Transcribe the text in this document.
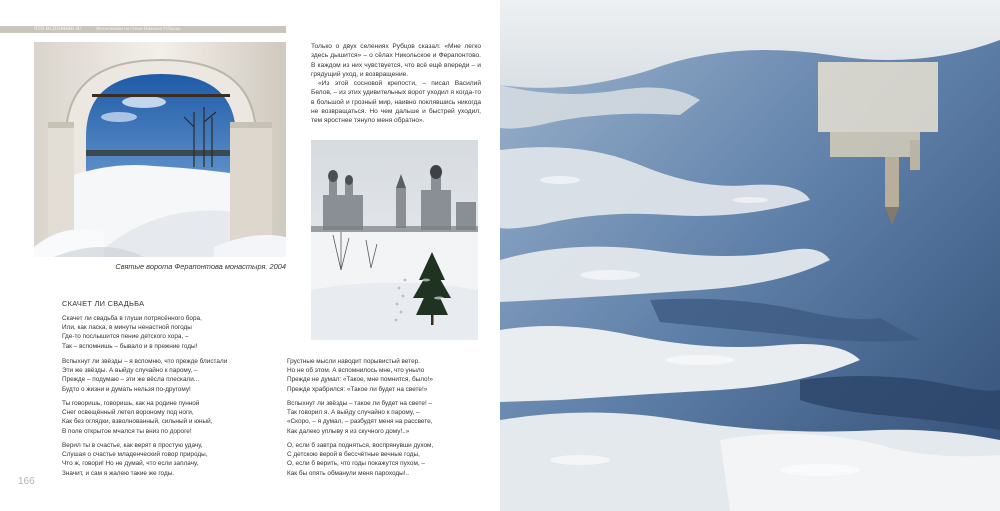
ЧТО ВСПОМНЮ Я?	Фотоснимки на стихи Николая Рубцова
Святые ворота Ферапонтова монастыря. 2004

Только о двух селениях Рубцов сказал: «Мне легко здесь дышится» – о сёлах Никольское и Ферапонтово. В каждом из них чувствуется, что всё ещё впереди – и грядущий уход, и возвращение.

«Из этой сосновой крепости, – писал Василий Белов, – из этих удивительных ворот уходил я когда-то в большой и грозный мир, наивно поклявшись никогда не возвращаться. Но чем дальше и быстрей уходил, тем яростнее тянуло меня обратно».

СКАЧЕТ ЛИ СВАДЬБА
Скачет ли свадьба в глуши потрясённого бора,
Или, как ласка, в минуты ненастной погоды
Где-то послышится пение детского хора, –
Так – вспомнишь – бывало и в прежние годы!
Вспыхнут ли звёзды – я вспомню, что прежде блистали
Эти же звёзды. А выйду случайно к парому, –
Прежде – подумаю – эти же вёсла плескали...
Будто о жизни и думать нельзя по-другому!
Ты говоришь, говоришь, как на родине пунной
Снег освещённый летел вороному под ноги,
Как без оглядки, взволнованный, сильный и юный,
В поле открытое мчался ты вниз по дороге!
Верил ты в счастье, как верят в простую удачу,
Слушая о счастье младенческий говор природы,
Что ж, говори! Но не думай, что если заплачу,
Значит, и сам я жалею такие же годы.
Грустные мысли наводит порывистый ветер.
Но не об этом. А вспомнилось мне, что уныло
Прежде не думал: «Такое, мне помнится, было!»
Прежде храбрился: «Такое ли будет на свете!»
Вспыхнут ли звёзды – такое ли будет на свете! –
Так говорил я. А выйду случайно к парому, –
«Скоро, – я думал, – разбудят меня на рассвете,
Как далеко уплыву я из скучного дому!..»
О, если б завтра подняться, воспрянувши духом,
С детскою верой в бессчётные вечные годы,
О, если б верить, что годы покажутся пухом, –
Как бы опять обманули меня пароходы!..
166
